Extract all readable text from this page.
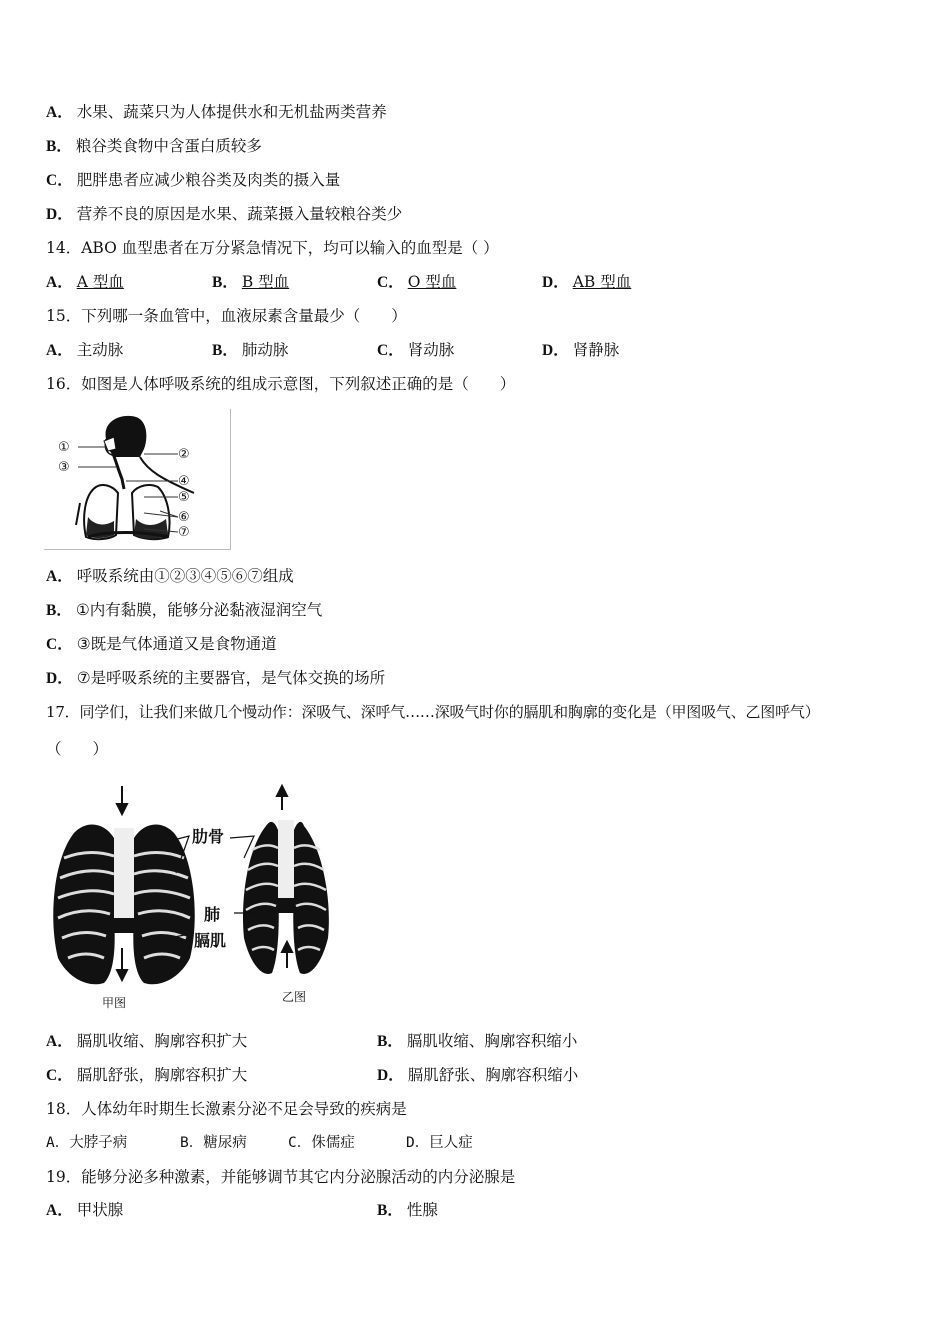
A． 水果、蔬菜只为人体提供水和无机盐两类营养
B． 粮谷类食物中含蛋白质较多
C． 肥胖患者应减少粮谷类及肉类的摄入量
D． 营养不良的原因是水果、蔬菜摄入量较粮谷类少
14．ABO 血型患者在万分紧急情况下，均可以输入的血型是（ ）
A． A 型血	B． B 型血	C． O 型血	D． AB 型血
15．下列哪一条血管中，血液尿素含量最少（　　）
A． 主动脉	B． 肺动脉	C． 肾动脉	D． 肾静脉
16．如图是人体呼吸系统的组成示意图，下列叙述正确的是（　　）
①	②
③
④
⑤
⑥
⑦
A． 呼吸系统由①②③④⑤⑥⑦组成
B． ①内有黏膜，能够分泌黏液湿润空气
C． ③既是气体通道又是食物通道
D． ⑦是呼吸系统的主要器官，是气体交换的场所
17．同学们，让我们来做几个慢动作：深吸气、深呼气……深吸气时你的膈肌和胸廓的变化是（甲图吸气、乙图呼气）
（　　）
肋骨
肺
膈肌
甲图	乙图
A． 膈肌收缩、胸廓容积扩大	B． 膈肌收缩、胸廓容积缩小
C． 膈肌舒张，胸廓容积扩大	D． 膈肌舒张、胸廓容积缩小
18．人体幼年时期生长激素分泌不足会导致的疾病是
A．大脖子病	B．糖尿病	C．侏儒症	D．巨人症
19．能够分泌多种激素，并能够调节其它内分泌腺活动的内分泌腺是
A． 甲状腺	B． 性腺
